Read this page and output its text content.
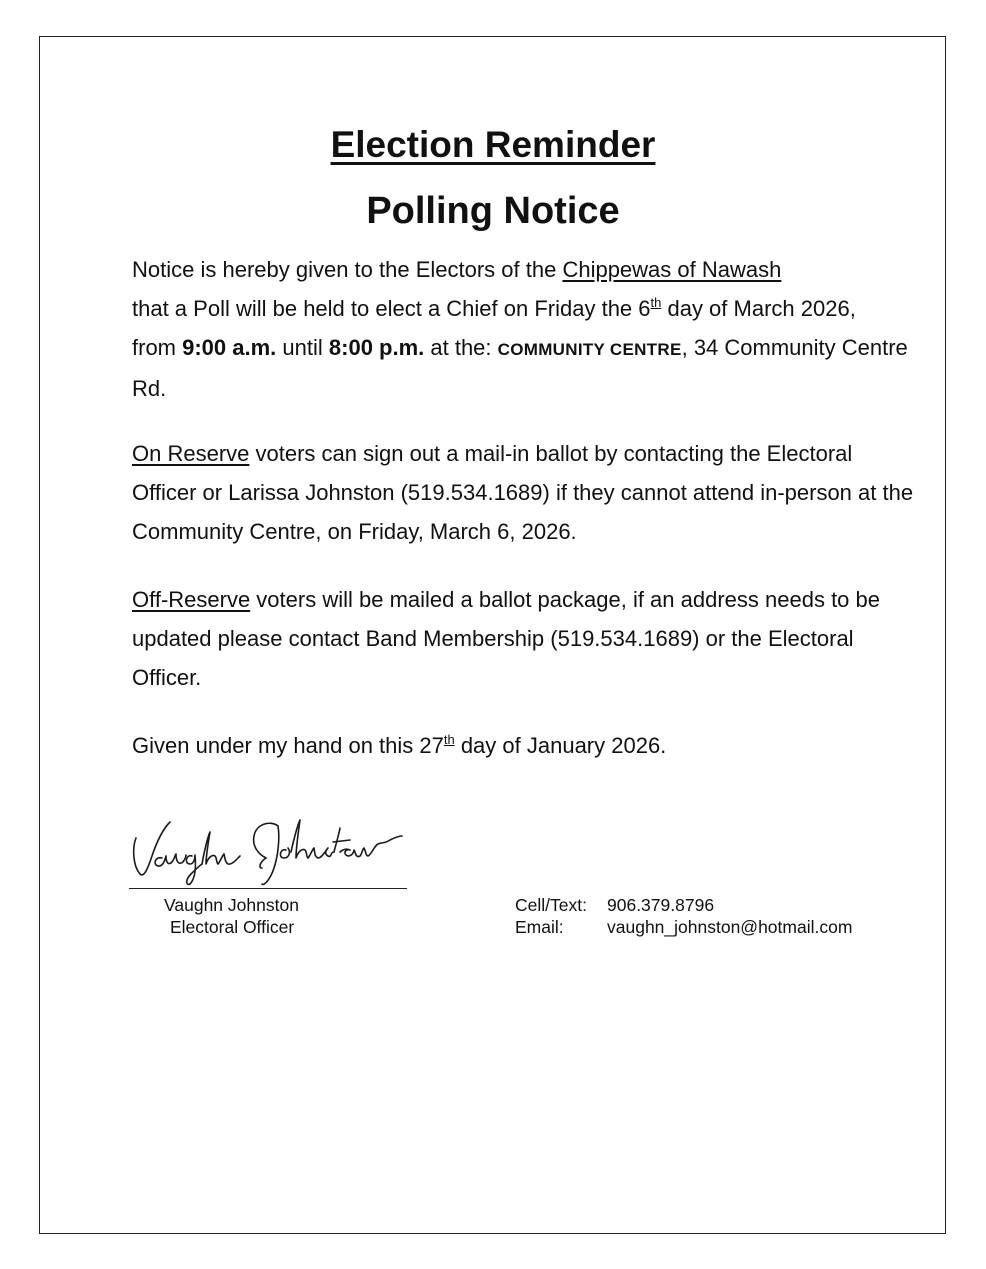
Election Reminder
Polling Notice

Notice is hereby given to the Electors of the Chippewas of Nawash
that a Poll will be held to elect a Chief on Friday the 6th day of March 2026,
from 9:00 a.m. until 8:00 p.m. at the: COMMUNITY CENTRE, 34 Community Centre Rd.

On Reserve voters can sign out a mail-in ballot by contacting the Electoral Officer or Larissa Johnston (519.534.1689) if they cannot attend in-person at the Community Centre, on Friday, March 6, 2026.

Off-Reserve voters will be mailed a ballot package, if an address needs to be updated please contact Band Membership (519.534.1689) or the Electoral Officer.

Given under my hand on this 27th day of January 2026.

Vaughn Johnston
Electoral Officer
Cell/Text: 906.379.8796
Email: vaughn_johnston@hotmail.com
